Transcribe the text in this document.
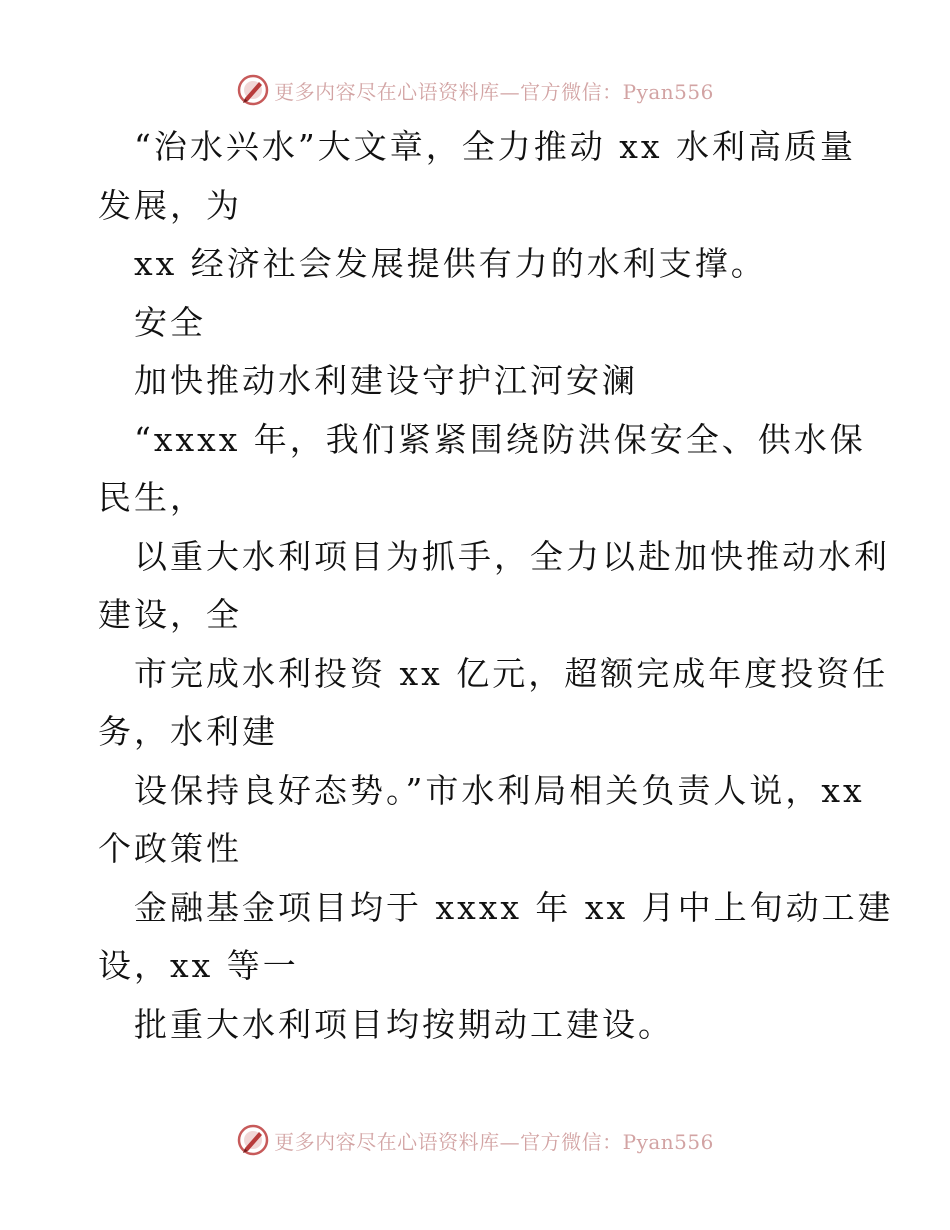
更多内容尽在心语资料库—官方微信：Pyan556
“治水兴水”大文章，全力推动 xx 水利高质量
发展，为
xx 经济社会发展提供有力的水利支撑。
安全
加快推动水利建设守护江河安澜
“xxxx 年，我们紧紧围绕防洪保安全、供水保
民生，
以重大水利项目为抓手，全力以赴加快推动水利
建设，全
市完成水利投资 xx 亿元，超额完成年度投资任
务，水利建
设保持良好态势。”市水利局相关负责人说，xx
个政策性
金融基金项目均于 xxxx 年 xx 月中上旬动工建
设，xx 等一
批重大水利项目均按期动工建设。
更多内容尽在心语资料库—官方微信：Pyan556
